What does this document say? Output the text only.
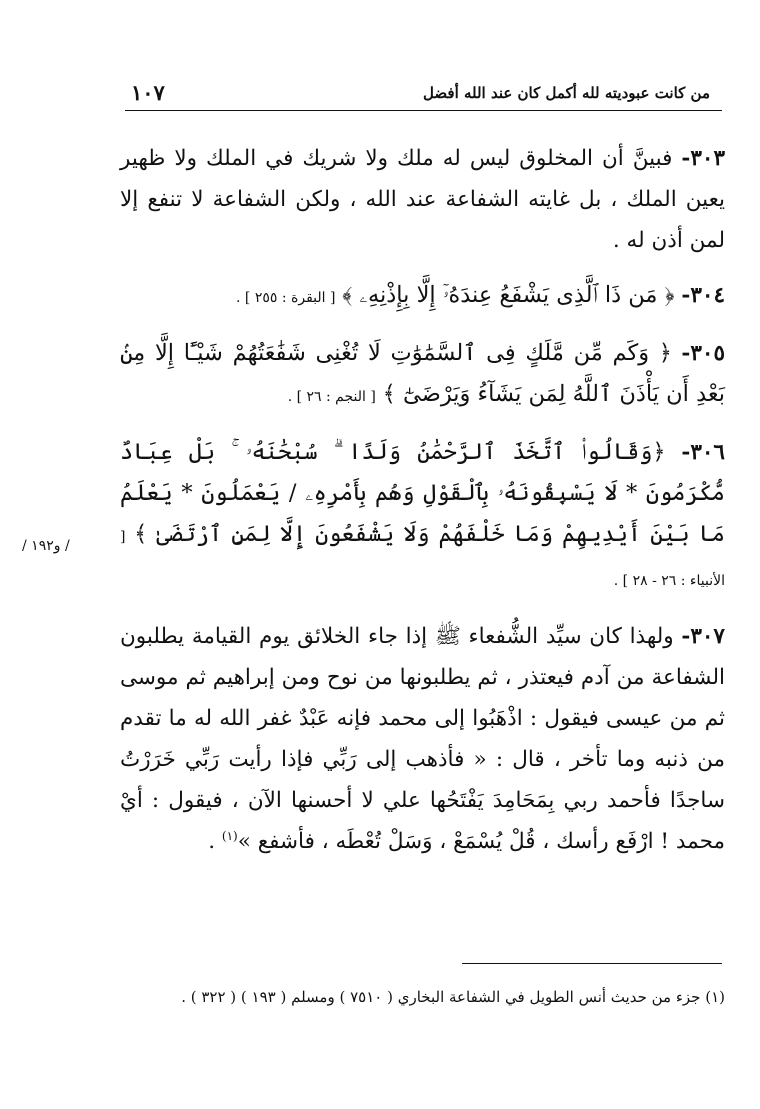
من كانت عبوديته لله أكمل كان عند الله أفضل
١٠٧
/ و١٩٢ /

٣٠٣- فبينَّ أن المخلوق ليس له ملك ولا شريك في الملك ولا ظهير يعين الملك ، بل غايته الشفاعة عند الله ، ولكن الشفاعة لا تنفع إلا لمن أذن له .

٣٠٤- ﴿ مَن ذَا ٱلَّذِى يَشْفَعُ عِندَهُۥٓ إِلَّا بِإِذْنِهِۦ ﴾ [ البقرة : ٢٥٥ ] .

٣٠٥- ﴿ وَكَم مِّن مَّلَكٍ فِى ٱلسَّمَٰوَٰتِ لَا تُغْنِى شَفَٰعَتُهُمْ شَيْـًٔا إِلَّا مِنۢ بَعْدِ أَن يَأْذَنَ ٱللَّهُ لِمَن يَشَآءُ وَيَرْضَىٰٓ ﴾ [ النجم : ٢٦ ] .

٣٠٦- ﴿وَقَالُوا۟ ٱتَّخَذَ ٱلرَّحْمَٰنُ وَلَدًا ۗ سُبْحَٰنَهُۥ ۚ بَلْ عِبَادٌ مُّكْرَمُونَ * لَا يَسْبِقُونَهُۥ بِٱلْقَوْلِ وَهُم بِأَمْرِهِۦ / يَعْمَلُونَ * يَعْلَمُ مَا بَيْنَ أَيْدِيهِمْ وَمَا خَلْفَهُمْ وَلَا يَشْفَعُونَ إِلَّا لِمَنِ ٱرْتَضَىٰ ﴾ [ الأنبياء : ٢٦ - ٢٨ ] .

٣٠٧- ولهذا كان سيِّد الشُّفعاء ﷺ إذا جاء الخلائق يوم القيامة يطلبون الشفاعة من آدم فيعتذر ، ثم يطلبونها من نوح ومن إبراهيم ثم موسى ثم من عيسى فيقول : اذْهَبُوا إلى محمد فإنه عَبْدٌ غفر الله له ما تقدم من ذنبه وما تأخر ، قال : « فأذهب إلى رَبِّي فإذا رأيت رَبِّي خَرَرْتُ ساجدًا فأحمد ربي بِمَحَامِدَ يَفْتَحُها علي لا أحسنها الآن ، فيقول : أيْ محمد ! ارْفَع رأسك ، قُلْ يُسْمَعْ ، وَسَلْ تُعْطَه ، فأشفع »$^{(١)}$ .

(١) جزء من حديث أنس الطويل في الشفاعة البخاري ( ٧٥١٠ ) ومسلم ( ١٩٣ ) ( ٣٢٢ ) .
